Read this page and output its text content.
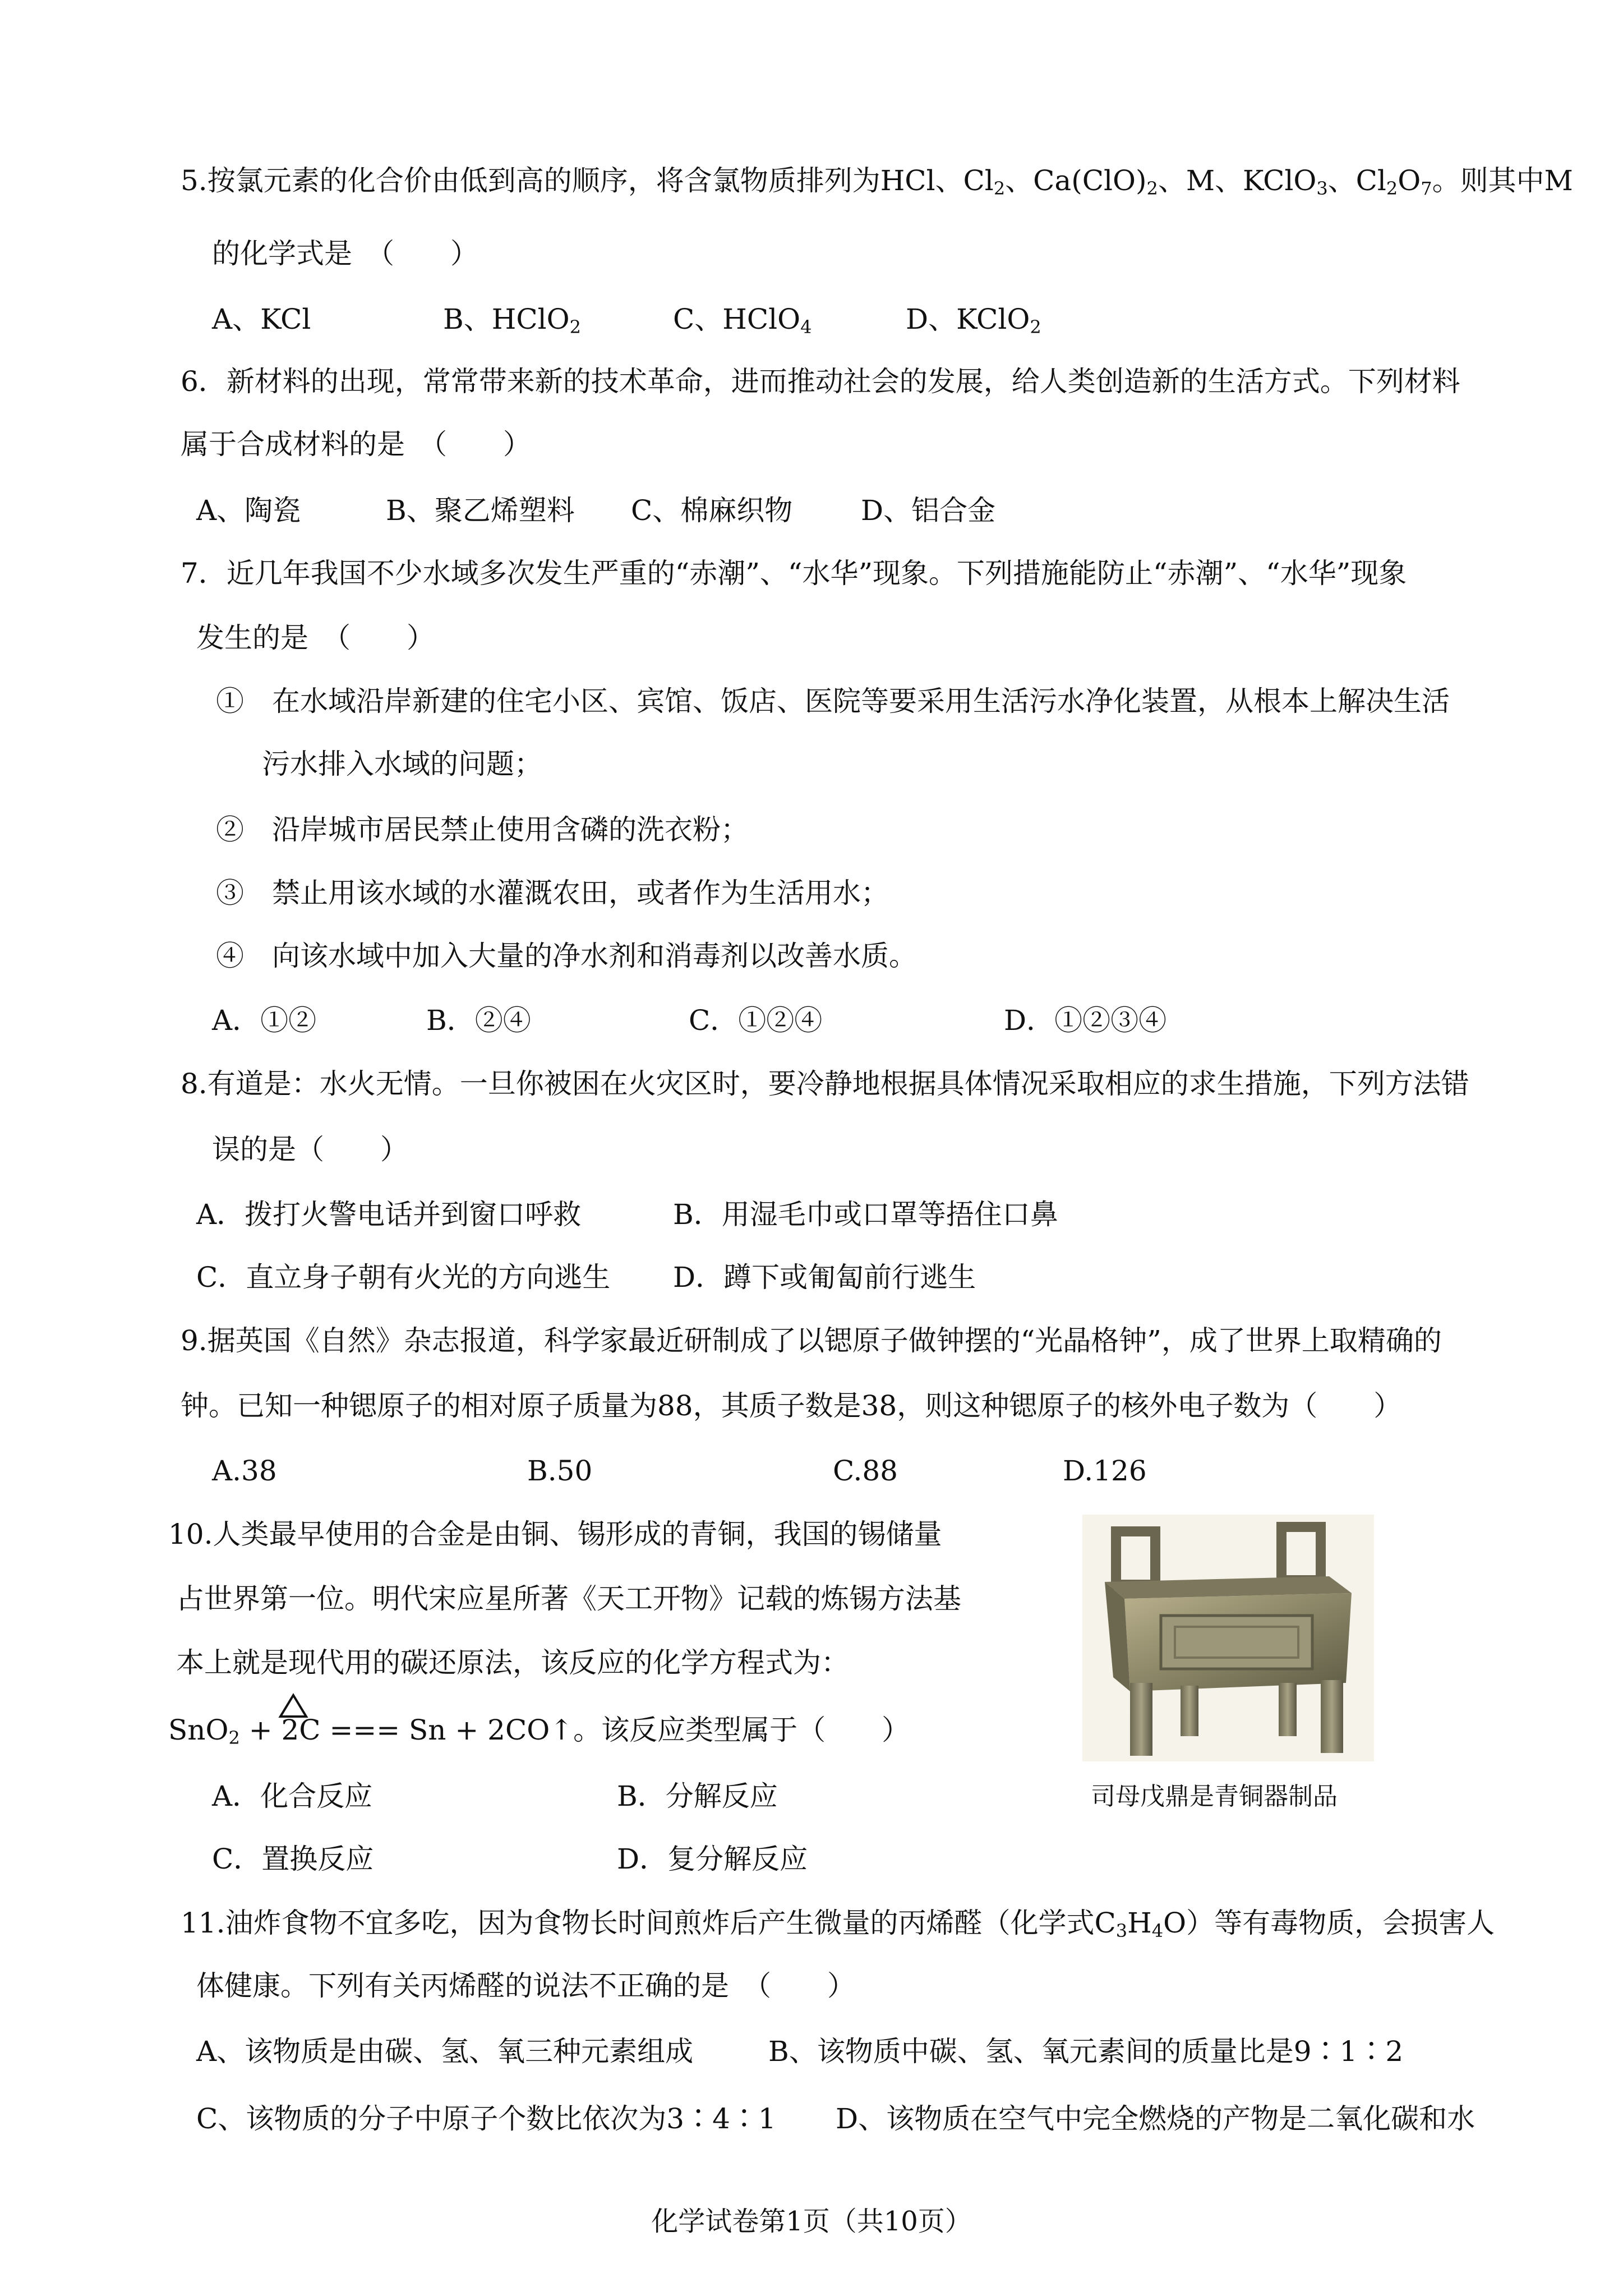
5.按氯元素的化合价由低到高的顺序，将含氯物质排列为HCl、$Cl_2$、$Ca(ClO)_2$、M、KClO$_3$、$Cl_2O_7$。则其中M
的化学式是　（　　）
A、KCl	B、HClO$_2$	C、HClO$_4$	D、KClO$_2$
6．新材料的出现，常常带来新的技术革命，进而推动社会的发展，给人类创造新的生活方式。下列材料
属于合成材料的是　（　　）
A、陶瓷	B、聚乙烯塑料 C、棉麻织物 D、铝合金
7．近几年我国不少水域多次发生严重的“赤潮”、“水华”现象。下列措施能防止“赤潮”、“水华”现象
发生的是　（　　）
①　在水域沿岸新建的住宅小区、宾馆、饭店、医院等要采用生活污水净化装置，从根本上解决生活
污水排入水域的问题；
②　沿岸城市居民禁止使用含磷的洗衣粉；
③　禁止用该水域的水灌溉农田，或者作为生活用水；
④　向该水域中加入大量的净水剂和消毒剂以改善水质。
A．①②	B．②④	C．①②④	D．①②③④
8.有道是：水火无情。一旦你被困在火灾区时，要冷静地根据具体情况采取相应的求生措施，下列方法错
误的是（　　）
A．拨打火警电话并到窗口呼救	B．用湿毛巾或口罩等捂住口鼻
C．直立身子朝有火光的方向逃生 D．蹲下或匍匐前行逃生
9.据英国《自然》杂志报道，科学家最近研制成了以锶原子做钟摆的“光晶格钟”，成了世界上取精确的
钟。已知一种锶原子的相对原子质量为88，其质子数是38，则这种锶原子的核外电子数为（　　）
A.38	B.50	C.88	D.126
10.人类最早使用的合金是由铜、锡形成的青铜，我国的锡储量
占世界第一位。明代宋应星所著《天工开物》记载的炼锡方法基
本上就是现代用的碳还原法，该反应的化学方程式为：
SnO$_2$ + 2C === Sn + 2CO↑。该反应类型属于（　　）
A．化合反应	B．分解反应
C．置换反应	D．复分解反应
司母戊鼎是青铜器制品
11.油炸食物不宜多吃，因为食物长时间煎炸后产生微量的丙烯醛（化学式$C_3H_4O$）等有毒物质，会损害人
体健康。下列有关丙烯醛的说法不正确的是　（　　）
A、该物质是由碳、氢、氧三种元素组成	B、该物质中碳、氢、氧元素间的质量比是9∶1∶2
C、该物质的分子中原子个数比依次为3∶4∶1 D、该物质在空气中完全燃烧的产物是二氧化碳和水
化学试卷第1页（共10页）
